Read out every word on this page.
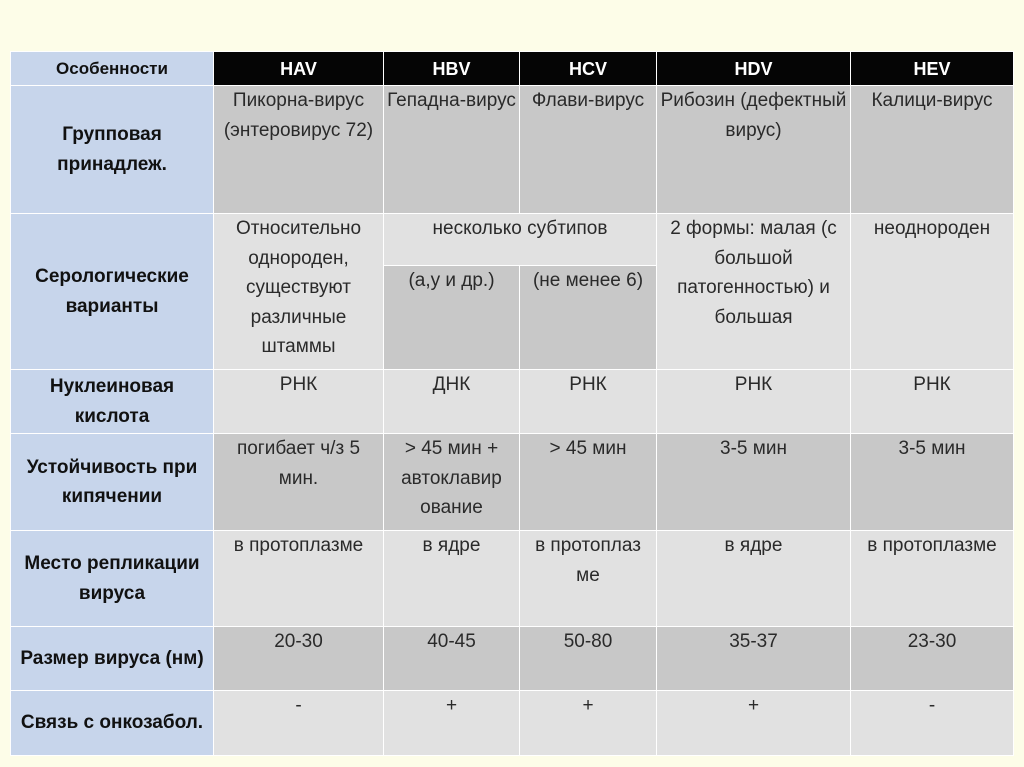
Особенности	HAV	HBV	HCV	HDV	HEV
Групповая принадлеж.	Пикорна-вирус (энтеровирус 72)	Гепадна-вирус	Флави-вирус	Рибозин (дефектный вирус)	Калици-вирус
Серологические варианты	Относительно однороден, существуют различные штаммы	несколько субтипов		2 формы: малая (с большой патогенностью) и большая	неоднороден
		(а,у и др.)	(не менее 6)		
Нуклеиновая кислота	РНК	ДНК	РНК	РНК	РНК
Устойчивость при кипячении	погибает ч/з 5 мин.	> 45 мин + автоклавир ование	> 45 мин	3-5 мин	3-5 мин
Место репликации вируса	в протоплазме	в ядре	в протоплаз ме	в ядре	в протоплазме
Размер вируса (нм)	20-30	40-45	50-80	35-37	23-30
Связь с онкозабол.	-	+	+	+	-
